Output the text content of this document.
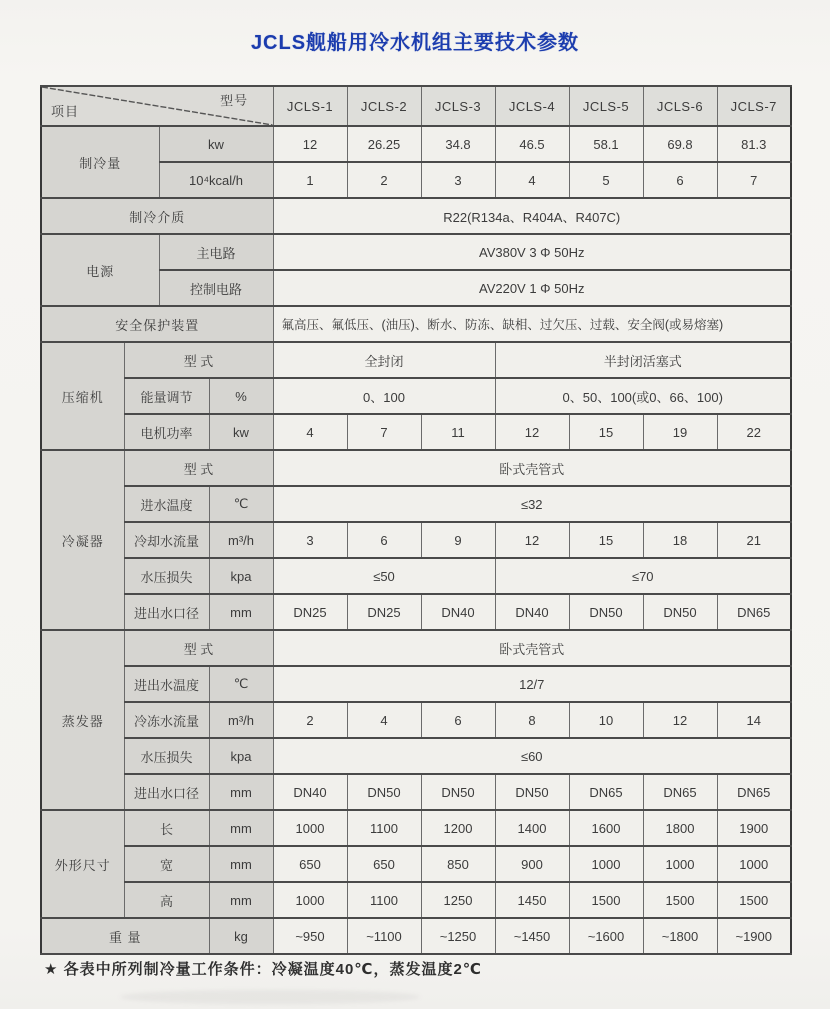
JCLS舰船用冷水机组主要技术参数
项目
型号				JCLS-1	JCLS-2	JCLS-3	JCLS-4	JCLS-5	JCLS-6	JCLS-7
制冷量		kw		12	26.25	34.8	46.5	58.1	69.8	81.3
		10⁴kcal/h		1	2	3	4	5	6	7
制冷介质				R22(R134a、R404A、R407C)						
电源		主电路		AV380V 3 Φ 50Hz						
		控制电路		AV220V 1 Φ 50Hz						
安全保护装置				氟高压、氟低压、(油压)、断水、防冻、缺相、过欠压、过载、安全阀(或易熔塞)						
压缩机	型 式			全封闭			半封闭活塞式			
	能量调节		%	0、100			0、50、100(或0、66、100)			
	电机功率		kw	4	7	11	12	15	19	22
冷凝器	型 式			卧式壳管式						
	进水温度		℃	≤32						
	冷却水流量		m³/h	3	6	9	12	15	18	21
	水压损失		kpa	≤50			≤70			
	进出水口径		mm	DN25	DN25	DN40	DN40	DN50	DN50	DN65
蒸发器	型 式			卧式壳管式						
	进出水温度		℃	12/7						
	冷冻水流量		m³/h	2	4	6	8	10	12	14
	水压损失		kpa	≤60						
	进出水口径		mm	DN40	DN50	DN50	DN50	DN65	DN65	DN65
外形尺寸	长		mm	1000	1100	1200	1400	1600	1800	1900
	宽		mm	650	650	850	900	1000	1000	1000
	高		mm	1000	1100	1250	1450	1500	1500	1500
重 量			kg	~950	~1100	~1250	~1450	~1600	~1800	~1900
★ 各表中所列制冷量工作条件：冷凝温度40℃，蒸发温度2℃
